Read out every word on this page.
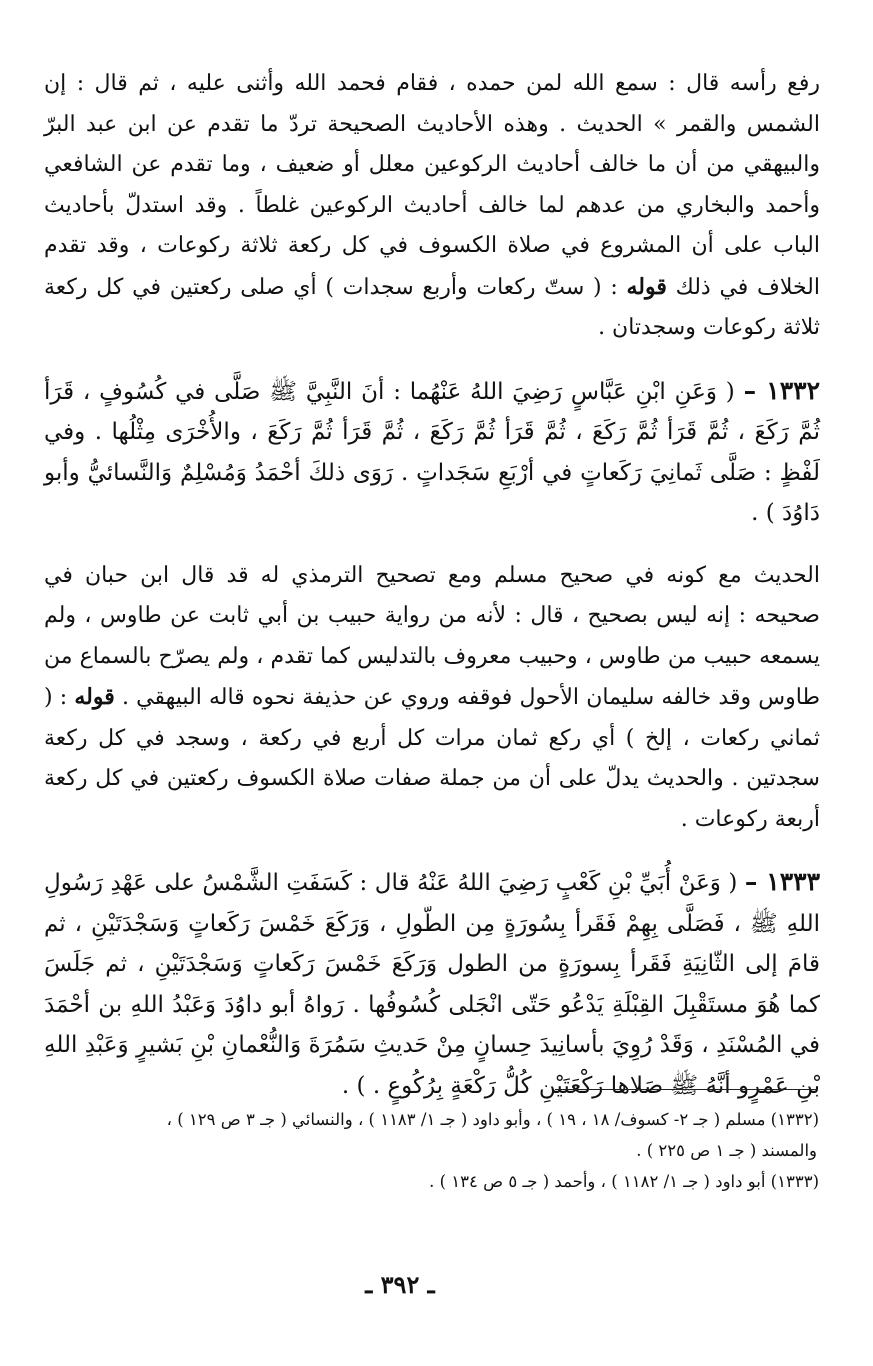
رفع رأسه قال : سمع الله لمن حمده ، فقام فحمد الله وأثنى عليه ، ثم قال : إن الشمس والقمر » الحديث . وهذه الأحاديث الصحيحة تردّ ما تقدم عن ابن عبد البرّ والبيهقي من أن ما خالف أحاديث الركوعين معلل أو ضعيف ، وما تقدم عن الشافعي وأحمد والبخاري من عدهم لما خالف أحاديث الركوعين غلطاً . وقد استدلّ بأحاديث الباب على أن المشروع في صلاة الكسوف في كل ركعة ثلاثة ركوعات ، وقد تقدم الخلاف في ذلك قوله : ( ستّ ركعات وأربع سجدات ) أي صلى ركعتين في كل ركعة ثلاثة ركوعات وسجدتان .

١٣٣٢ – ( وَعَنِ ابْنِ عَبَّاسٍ رَضِيَ اللهُ عَنْهُما : أنَ النَّبِيَّ ﷺ صَلَّى في كُسُوفٍ ، قَرَأ ثُمَّ رَكَعَ ، ثُمَّ قَرَأ ثُمَّ رَكَعَ ، ثُمَّ قَرَأ ثُمَّ رَكَعَ ، ثُمَّ قَرَأ ثُمَّ رَكَعَ ، والأُخْرَى مِثْلُها . وفي لَفْظٍ : صَلَّى ثَمانِيَ رَكَعاتٍ في أرْبَعِ سَجَداتٍ . رَوَى ذلكَ أحْمَدُ وَمُسْلِمٌ وَالنَّسائيُّ وأبو دَاوُدَ ) .

الحديث مع كونه في صحيح مسلم ومع تصحيح الترمذي له قد قال ابن حبان في صحيحه : إنه ليس بصحيح ، قال : لأنه من رواية حبيب بن أبي ثابت عن طاوس ، ولم يسمعه حبيب من طاوس ، وحبيب معروف بالتدليس كما تقدم ، ولم يصرّح بالسماع من طاوس وقد خالفه سليمان الأحول فوقفه وروي عن حذيفة نحوه قاله البيهقي . قوله : ( ثماني ركعات ، إلخ ) أي ركع ثمان مرات كل أربع في ركعة ، وسجد في كل ركعة سجدتين . والحديث يدلّ على أن من جملة صفات صلاة الكسوف ركعتين في كل ركعة أربعة ركوعات .

١٣٣٣ – ( وَعَنْ أُبَيِّ بْنِ كَعْبٍ رَضِيَ اللهُ عَنْهُ قال : كَسَفَتِ الشَّمْسُ على عَهْدِ رَسُولِ اللهِ ﷺ ، فَصَلَّى بِهِمْ فَقَرأ بِسُورَةٍ مِن الطّولِ ، وَرَكَعَ خَمْسَ رَكَعاتٍ وَسَجْدَتَيْنِ ، ثم قامَ إلى الثّانِيَةِ فَقَرأ بِسورَةٍ من الطول وَرَكَعَ خَمْسَ رَكَعاتٍ وَسَجْدَتَيْنِ ، ثم جَلَسَ كما هُوَ مستَقْبِلَ القِبْلَةِ يَدْعُو حَتّى انْجَلى كُسُوفُها . رَواهُ أبو داوُدَ وَعَبْدُ اللهِ بن أحْمَدَ في المُسْنَدِ ، وَقَدْ رُوِيَ بأسانِيدَ حِسانٍ مِنْ حَديثِ سَمُرَةَ وَالنُّعْمانِ بْنِ بَشيرٍ وَعَبْدِ اللهِ بْنِ عَمْرٍو أنَّهُ ﷺ صَلاها رَكْعَتَيْنِ كُلُّ رَكْعَةٍ بِرُكُوعٍ . ) .

(١٣٣٢) مسلم ( جـ ٢- كسوف/ ١٨ ، ١٩ ) ، وأبو داود ( جـ ١/ ١١٨٣ ) ، والنسائي ( جـ ٣ ص ١٢٩ ) ،

والمسند ( جـ ١ ص ٢٢٥ ) .

(١٣٣٣) أبو داود ( جـ ١/ ١١٨٢ ) ، وأحمد ( جـ ٥ ص ١٣٤ ) .

ـ ٣٩٢ ـ
